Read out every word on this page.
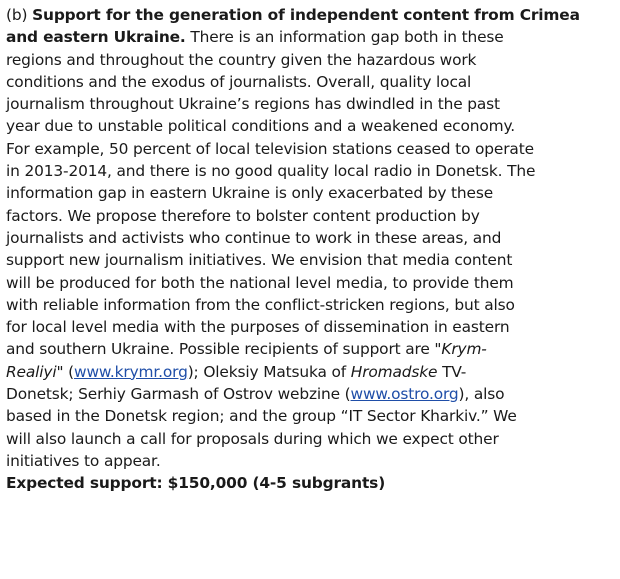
(b) Support for the generation of independent content from Crimea
and eastern Ukraine. There is an information gap both in these
regions and throughout the country given the hazardous work
conditions and the exodus of journalists. Overall, quality local
journalism throughout Ukraine’s regions has dwindled in the past
year due to unstable political conditions and a weakened economy.
For example, 50 percent of local television stations ceased to operate
in 2013-2014, and there is no good quality local radio in Donetsk. The
information gap in eastern Ukraine is only exacerbated by these
factors. We propose therefore to bolster content production by
journalists and activists who continue to work in these areas, and
support new journalism initiatives. We envision that media content
will be produced for both the national level media, to provide them
with reliable information from the conflict-stricken regions, but also
for local level media with the purposes of dissemination in eastern
and southern Ukraine. Possible recipients of support are "Krym-
Realiyi" (www.krymr.org); Oleksiy Matsuka of Hromadske TV-
Donetsk; Serhiy Garmash of Ostrov webzine (www.ostro.org), also
based in the Donetsk region; and the group “IT Sector Kharkiv.” We
will also launch a call for proposals during which we expect other
initiatives to appear.
Expected support: $150,000 (4-5 subgrants)
